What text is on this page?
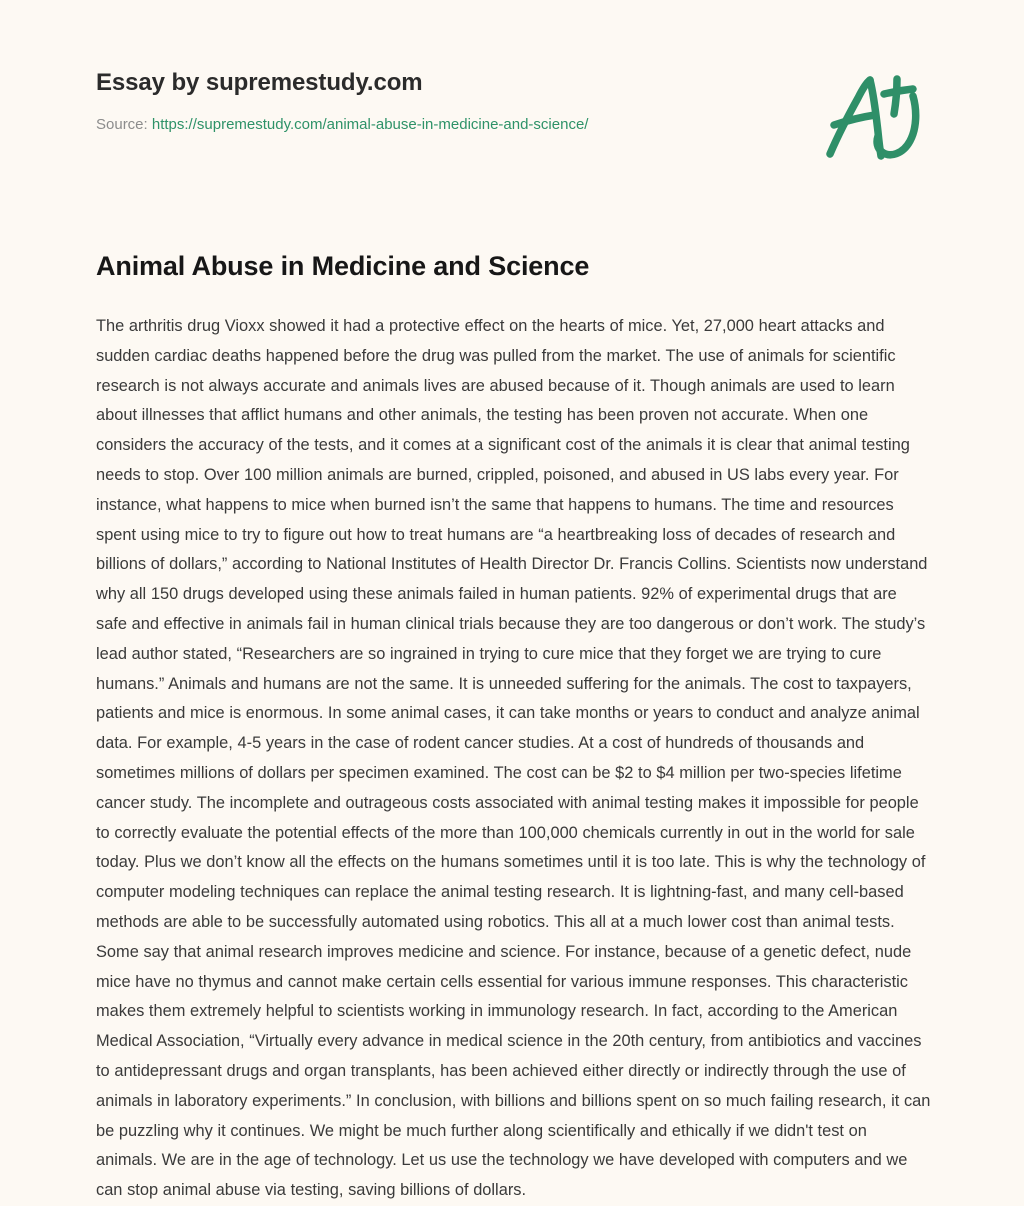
Essay by supremestudy.com
Source: https://supremestudy.com/animal-abuse-in-medicine-and-science/
Animal Abuse in Medicine and Science

The arthritis drug Vioxx showed it had a protective effect on the hearts of mice. Yet, 27,000 heart attacks and sudden cardiac deaths happened before the drug was pulled from the market. The use of animals for scientific research is not always accurate and animals lives are abused because of it. Though animals are used to learn about illnesses that afflict humans and other animals, the testing has been proven not accurate. When one considers the accuracy of the tests, and it comes at a significant cost of the animals it is clear that animal testing needs to stop. Over 100 million animals are burned, crippled, poisoned, and abused in US labs every year. For instance, what happens to mice when burned isn’t the same that happens to humans. The time and resources spent using mice to try to figure out how to treat humans are “a heartbreaking loss of decades of research and billions of dollars,” according to National Institutes of Health Director Dr. Francis Collins. Scientists now understand why all 150 drugs developed using these animals failed in human patients. 92% of experimental drugs that are safe and effective in animals fail in human clinical trials because they are too dangerous or don’t work. The study’s lead author stated, “Researchers are so ingrained in trying to cure mice that they forget we are trying to cure humans.” Animals and humans are not the same. It is unneeded suffering for the animals. The cost to taxpayers, patients and mice is enormous. In some animal cases, it can take months or years to conduct and analyze animal data. For example, 4-5 years in the case of rodent cancer studies. At a cost of hundreds of thousands and sometimes millions of dollars per specimen examined. The cost can be $2 to $4 million per two-species lifetime cancer study. The incomplete and outrageous costs associated with animal testing makes it impossible for people to correctly evaluate the potential effects of the more than 100,000 chemicals currently in out in the world for sale today. Plus we don’t know all the effects on the humans sometimes until it is too late. This is why the technology of computer modeling techniques can replace the animal testing research. It is lightning-fast, and many cell-based methods are able to be successfully automated using robotics. This all at a much lower cost than animal tests. Some say that animal research improves medicine and science. For instance, because of a genetic defect, nude mice have no thymus and cannot make certain cells essential for various immune responses. This characteristic makes them extremely helpful to scientists working in immunology research. In fact, according to the American Medical Association, “Virtually every advance in medical science in the 20th century, from antibiotics and vaccines to antidepressant drugs and organ transplants, has been achieved either directly or indirectly through the use of animals in laboratory experiments.” In conclusion, with billions and billions spent on so much failing research, it can be puzzling why it continues. We might be much further along scientifically and ethically if we didn't test on animals. We are in the age of technology. Let us use the technology we have developed with computers and we can stop animal abuse via testing, saving billions of dollars.
